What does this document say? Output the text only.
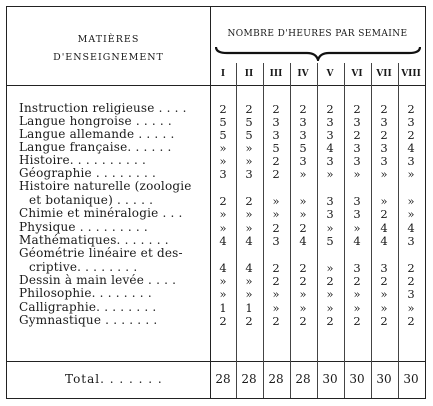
MATIÈRES
D'ENSEIGNEMENT
NOMBRE D'HEURES PAR SEMAINE
I	II	III	IV	V	VI	VII	VIII
Instruction religieuse . . . .	2	2	2	2	2	2	2	2
Langue hongroise . . . . .	5	5	3	3	3	3	3	3
Langue allemande . . . . .	5	5	3	3	3	2	2	2
Langue française. . . . . .	»	»	5	5	4	3	3	4
Histoire. . . . . . . . . .	»	»	2	3	3	3	3	3
Géographie . . . . . . . .	3	3	2	»	»	»	»	»
Histoire naturelle (zoologie
et botanique) . . . . .	2	2	»	»	3	3	»	»
Chimie et minéralogie . . .	»	»	»	»	3	3	2	»
Physique . . . . . . . . .	»	»	2	2	»	»	4	4
Mathématiques. . . . . . .	4	4	3	4	5	4	4	3
Géométrie linéaire et des-
criptive. . . . . . . .	4	4	2	2	»	3	3	2
Dessin à main levée . . . .	»	»	2	2	2	2	2	2
Philosophie. . . . . . . .	»	»	»	»	»	»	»	3
Calligraphie. . . . . . . .	1	1	»	»	»	»	»	»
Gymnastique . . . . . . .	2	2	2	2	2	2	2	2
Total. . . . . . .	28 28 28 28 30 30 30 30
